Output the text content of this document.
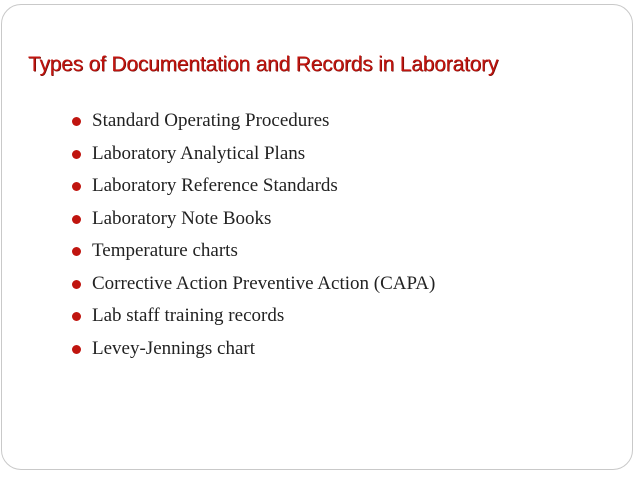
Types of Documentation and Records in Laboratory
Standard Operating Procedures
Laboratory Analytical Plans
Laboratory Reference Standards
Laboratory Note Books
Temperature charts
Corrective Action Preventive Action (CAPA)
Lab staff training records
Levey-Jennings chart
